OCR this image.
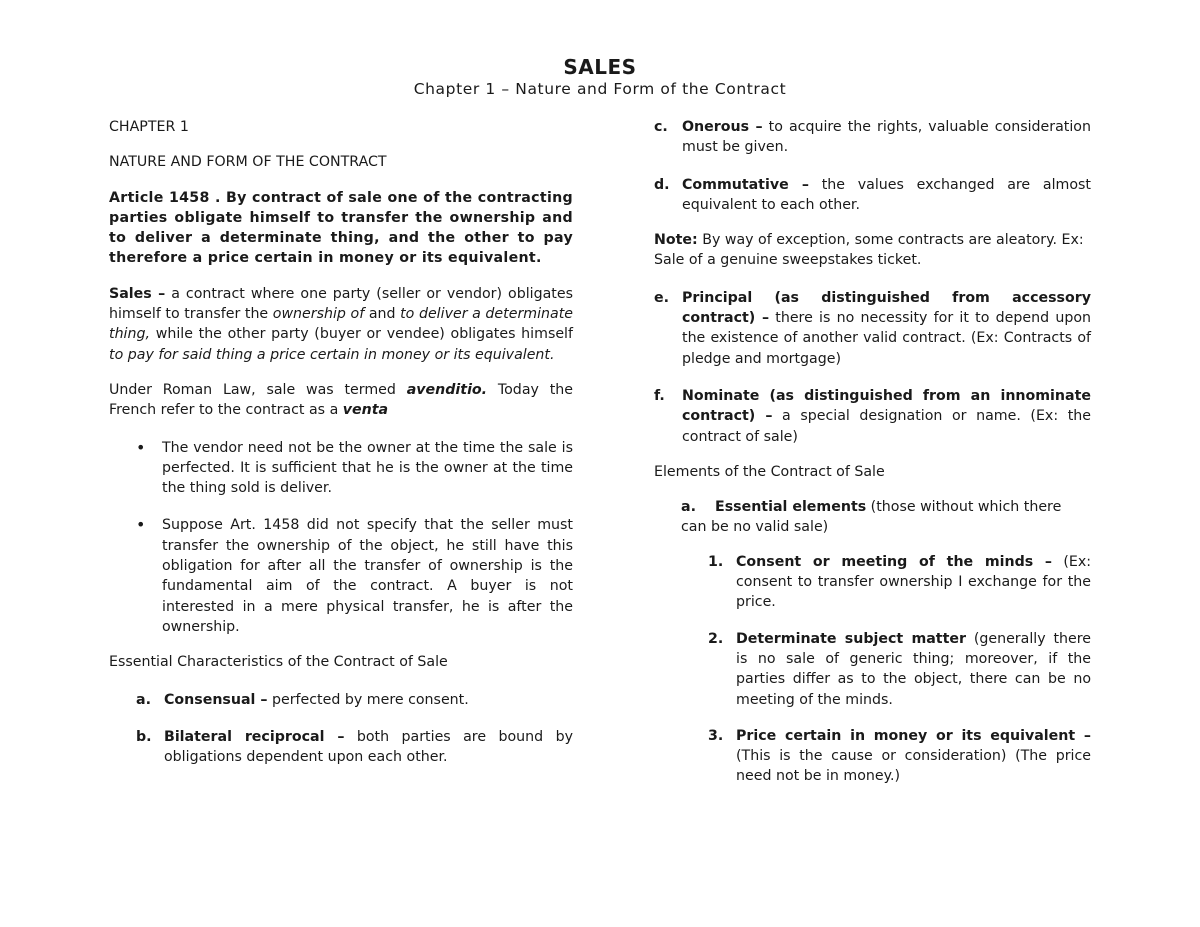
SALES
Chapter 1 – Nature and Form of the Contract

CHAPTER 1

NATURE AND FORM OF THE CONTRACT

Article 1458 . By contract of sale one of the contracting parties obligate himself to transfer the ownership and to deliver a determinate thing, and the other to pay therefore a price certain in money or its equivalent.

Sales – a contract where one party (seller or vendor) obligates himself to transfer the ownership of and to deliver a determinate thing, while the other party (buyer or vendee) obligates himself to pay for said thing a price certain in money or its equivalent.

Under Roman Law, sale was termed avenditio. Today the French refer to the contract as a venta

•	The vendor need not be the owner at the time the sale is perfected. It is sufficient that he is the owner at the time the thing sold is deliver.
•	Suppose Art. 1458 did not specify that the seller must transfer the ownership of the object, he still have this obligation for after all the transfer of ownership is the fundamental aim of the contract. A buyer is not interested in a mere physical transfer, he is after the ownership.

Essential Characteristics of the Contract of Sale

a. Consensual – perfected by mere consent.
b. Bilateral reciprocal – both parties are bound by obligations dependent upon each other.
c. Onerous – to acquire the rights, valuable consideration must be given.
d. Commutative – the values exchanged are almost equivalent to each other.

Note: By way of exception, some contracts are aleatory. Ex: Sale of a genuine sweepstakes ticket.

e. Principal (as distinguished from accessory contract) – there is no necessity for it to depend upon the existence of another valid contract. (Ex: Contracts of pledge and mortgage)
f.	Nominate (as distinguished from an innominate contract) – a special designation or name. (Ex: the contract of sale)

Elements of the Contract of Sale

a. Essential elements (those without which there can be no valid sale)

1. Consent or meeting of the minds – (Ex: consent to transfer ownership I exchange for the price.
2. Determinate subject matter (generally there is no sale of generic thing; moreover, if the parties differ as to the object, there can be no meeting of the minds.
3. Price certain in money or its equivalent – (This is the cause or consideration) (The price need not be in money.)
